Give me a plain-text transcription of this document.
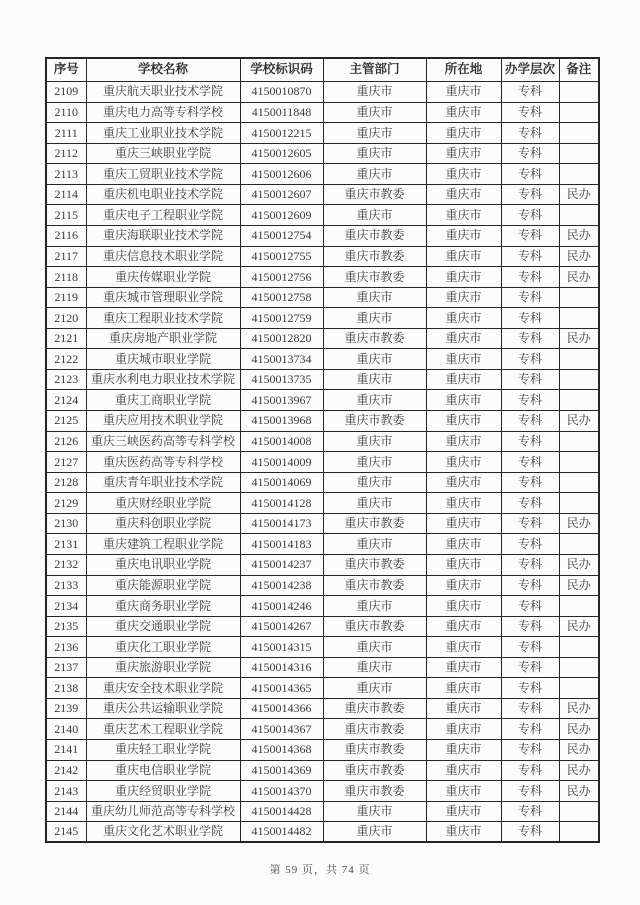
序号	学校名称	学校标识码	主管部门	所在地	办学层次	备注
2109	重庆航天职业技术学院	4150010870	重庆市	重庆市	专科	
2110	重庆电力高等专科学校	4150011848	重庆市	重庆市	专科	
2111	重庆工业职业技术学院	4150012215	重庆市	重庆市	专科	
2112	重庆三峡职业学院	4150012605	重庆市	重庆市	专科	
2113	重庆工贸职业技术学院	4150012606	重庆市	重庆市	专科	
2114	重庆机电职业技术学院	4150012607	重庆市教委	重庆市	专科	民办
2115	重庆电子工程职业学院	4150012609	重庆市	重庆市	专科	
2116	重庆海联职业技术学院	4150012754	重庆市教委	重庆市	专科	民办
2117	重庆信息技术职业学院	4150012755	重庆市教委	重庆市	专科	民办
2118	重庆传媒职业学院	4150012756	重庆市教委	重庆市	专科	民办
2119	重庆城市管理职业学院	4150012758	重庆市	重庆市	专科	
2120	重庆工程职业技术学院	4150012759	重庆市	重庆市	专科	
2121	重庆房地产职业学院	4150012820	重庆市教委	重庆市	专科	民办
2122	重庆城市职业学院	4150013734	重庆市	重庆市	专科	
2123	重庆水利电力职业技术学院	4150013735	重庆市	重庆市	专科	
2124	重庆工商职业学院	4150013967	重庆市	重庆市	专科	
2125	重庆应用技术职业学院	4150013968	重庆市教委	重庆市	专科	民办
2126	重庆三峡医药高等专科学校	4150014008	重庆市	重庆市	专科	
2127	重庆医药高等专科学校	4150014009	重庆市	重庆市	专科	
2128	重庆青年职业技术学院	4150014069	重庆市	重庆市	专科	
2129	重庆财经职业学院	4150014128	重庆市	重庆市	专科	
2130	重庆科创职业学院	4150014173	重庆市教委	重庆市	专科	民办
2131	重庆建筑工程职业学院	4150014183	重庆市	重庆市	专科	
2132	重庆电讯职业学院	4150014237	重庆市教委	重庆市	专科	民办
2133	重庆能源职业学院	4150014238	重庆市教委	重庆市	专科	民办
2134	重庆商务职业学院	4150014246	重庆市	重庆市	专科	
2135	重庆交通职业学院	4150014267	重庆市教委	重庆市	专科	民办
2136	重庆化工职业学院	4150014315	重庆市	重庆市	专科	
2137	重庆旅游职业学院	4150014316	重庆市	重庆市	专科	
2138	重庆安全技术职业学院	4150014365	重庆市	重庆市	专科	
2139	重庆公共运输职业学院	4150014366	重庆市教委	重庆市	专科	民办
2140	重庆艺术工程职业学院	4150014367	重庆市教委	重庆市	专科	民办
2141	重庆轻工职业学院	4150014368	重庆市教委	重庆市	专科	民办
2142	重庆电信职业学院	4150014369	重庆市教委	重庆市	专科	民办
2143	重庆经贸职业学院	4150014370	重庆市教委	重庆市	专科	民办
2144	重庆幼儿师范高等专科学校	4150014428	重庆市	重庆市	专科	
2145	重庆文化艺术职业学院	4150014482	重庆市	重庆市	专科	
第 59 页，共 74 页
